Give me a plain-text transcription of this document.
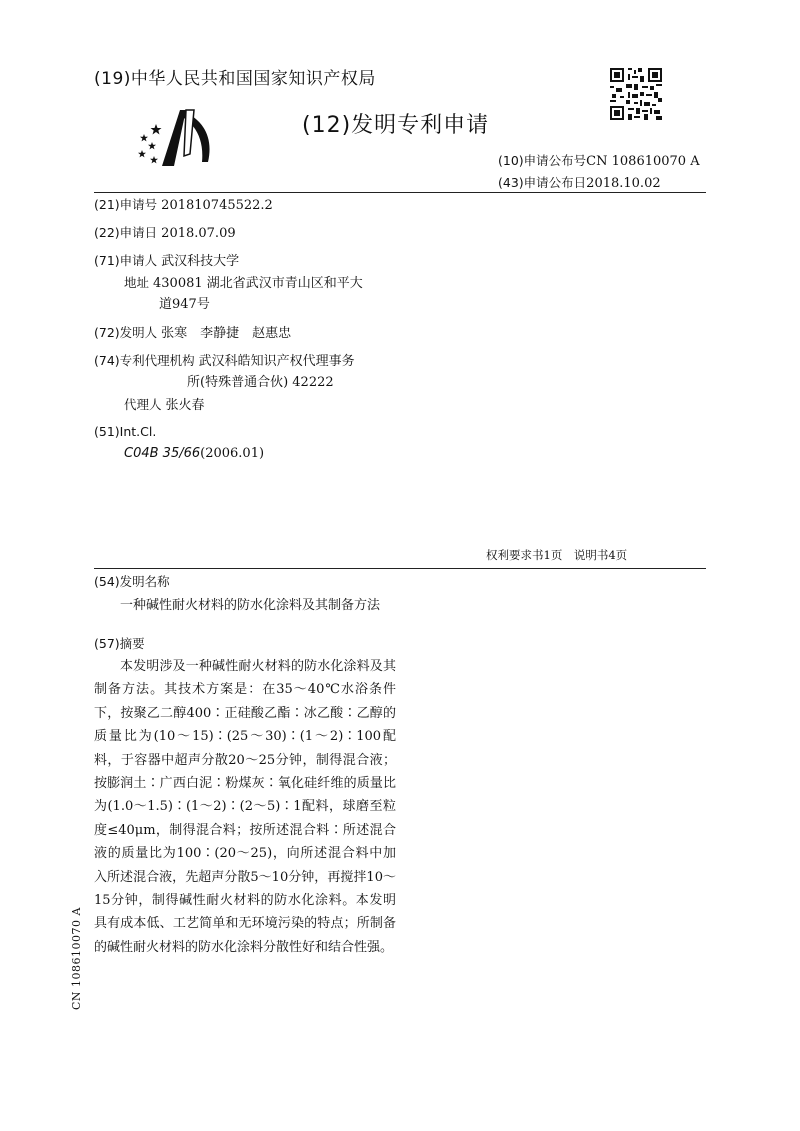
(19)中华人民共和国国家知识产权局
(12)发明专利申请
(10)申请公布号CN 108610070 A
(43)申请公布日2018.10.02
(21)申请号 201810745522.2
(22)申请日 2018.07.09
(71)申请人 武汉科技大学
地址 430081 湖北省武汉市青山区和平大
道947号
(72)发明人 张寒　李静捷　赵惠忠
(74)专利代理机构 武汉科皓知识产权代理事务
所(特殊普通合伙) 42222
代理人 张火春
(51)Int.Cl.
C04B 35/66(2006.01)
权利要求书1页　说明书4页
(54)发明名称
一种碱性耐火材料的防水化涂料及其制备方法
(57)摘要
本发明涉及一种碱性耐火材料的防水化涂料及其制备方法。其技术方案是：在35～40℃水浴条件下，按聚乙二醇400∶正硅酸乙酯∶冰乙酸∶乙醇的质量比为(10～15)∶(25～30)∶(1～2)∶100配料，于容器中超声分散20～25分钟，制得混合液；按膨润土∶广西白泥∶粉煤灰∶氧化硅纤维的质量比为(1.0～1.5)∶(1～2)∶(2～5)∶1配料，球磨至粒度≤40μm，制得混合料；按所述混合料∶所述混合液的质量比为100∶(20～25)，向所述混合料中加入所述混合液，先超声分散5～10分钟，再搅拌10～15分钟，制得碱性耐火材料的防水化涂料。本发明具有成本低、工艺简单和无环境污染的特点；所制备的碱性耐火材料的防水化涂料分散性好和结合性强。
CN 108610070 A
